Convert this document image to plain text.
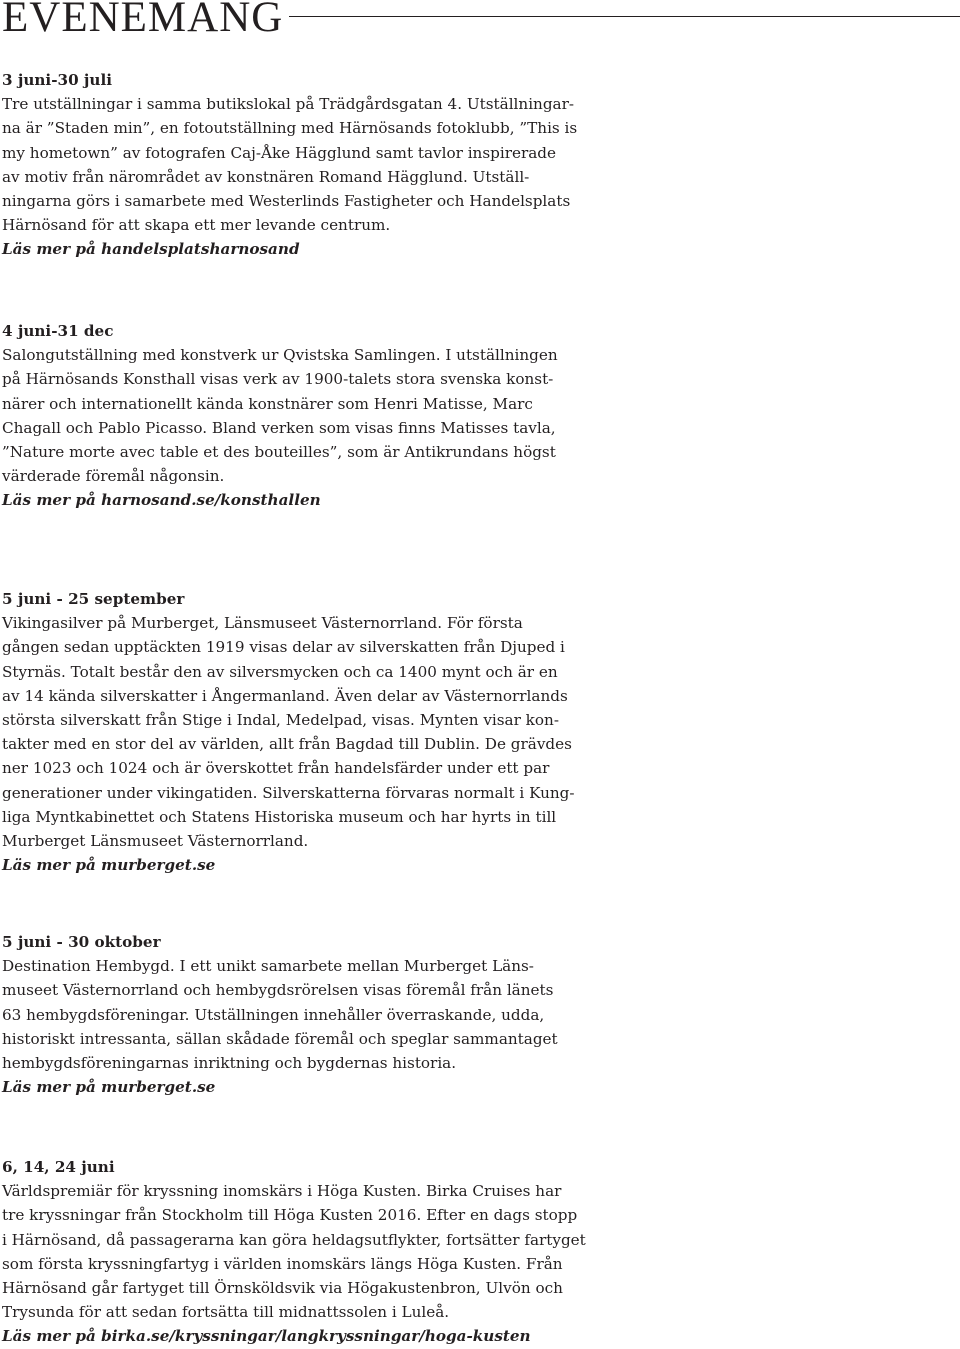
EVENEMANG
3 juni-30 juli
Tre utställningar i samma butikslokal på Trädgårdsgatan 4. Utställningar-
na är ”Staden min”, en fotoutställning med Härnösands fotoklubb, ”This is
my hometown” av fotografen Caj-Åke Hägglund samt tavlor inspirerade
av motiv från närområdet av konstnären Romand Hägglund. Utställ-
ningarna görs i samarbete med Westerlinds Fastigheter och Handelsplats
Härnösand för att skapa ett mer levande centrum.
Läs mer på handelsplatsharnosand
4 juni-31 dec
Salongutställning med konstverk ur Qvistska Samlingen. I utställningen
på Härnösands Konsthall visas verk av 1900-talets stora svenska konst-
närer och internationellt kända konstnärer som Henri Matisse, Marc
Chagall och Pablo Picasso. Bland verken som visas finns Matisses tavla,
”Nature morte avec table et des bouteilles”, som är Antikrundans högst
värderade föremål någonsin.
Läs mer på harnosand.se/konsthallen
5 juni - 25 september
Vikingasilver på Murberget, Länsmuseet Västernorrland. För första
gången sedan upptäckten 1919 visas delar av silverskatten från Djuped i
Styrnäs. Totalt består den av silversmycken och ca 1400 mynt och är en
av 14 kända silverskatter i Ångermanland. Även delar av Västernorrlands
största silverskatt från Stige i Indal, Medelpad, visas. Mynten visar kon-
takter med en stor del av världen, allt från Bagdad till Dublin. De grävdes
ner 1023 och 1024 och är överskottet från handelsfärder under ett par
generationer under vikingatiden. Silverskatterna förvaras normalt i Kung-
liga Myntkabinettet och Statens Historiska museum och har hyrts in till
Murberget Länsmuseet Västernorrland.
Läs mer på murberget.se
5 juni - 30 oktober
Destination Hembygd. I ett unikt samarbete mellan Murberget Läns-
museet Västernorrland och hembygdsrörelsen visas föremål från länets
63 hembygdsföreningar. Utställningen innehåller överraskande, udda,
historiskt intressanta, sällan skådade föremål och speglar sammantaget
hembygdsföreningarnas inriktning och bygdernas historia.
Läs mer på murberget.se
6, 14, 24 juni
Världspremiär för kryssning inomskärs i Höga Kusten. Birka Cruises har
tre kryssningar från Stockholm till Höga Kusten 2016. Efter en dags stopp
i Härnösand, då passagerarna kan göra heldagsutflykter, fortsätter fartyget
som första kryssningfartyg i världen inomskärs längs Höga Kusten. Från
Härnösand går fartyget till Örnsköldsvik via Högakustenbron, Ulvön och
Trysunda för att sedan fortsätta till midnattssolen i Luleå.
Läs mer på birka.se/kryssningar/langkryssningar/hoga-kusten
